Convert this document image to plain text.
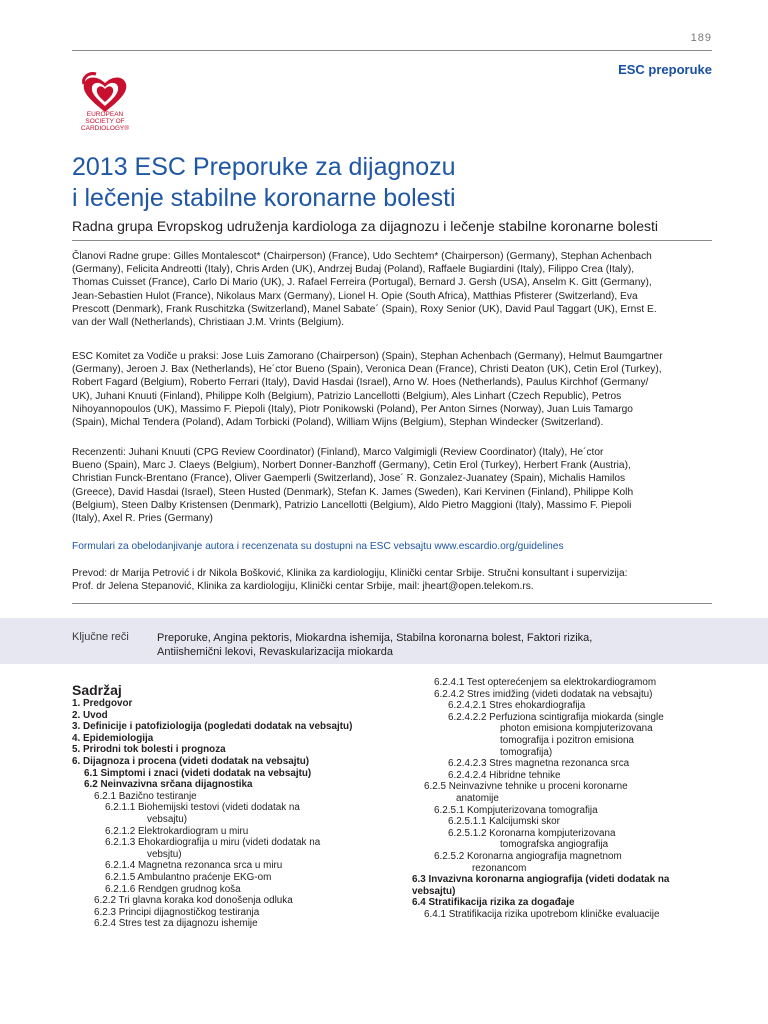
189
ESC preporuke
EUROPEAN
SOCIETY OF
CARDIOLOGY®
2013 ESC Preporuke za dijagnozu
i lečenje stabilne koronarne bolesti
Radna grupa Evropskog udruženja kardiologa za dijagnozu i lečenje stabilne koronarne bolesti
Članovi Radne grupe: Gilles Montalescot* (Chairperson) (France), Udo Sechtem* (Chairperson) (Germany), Stephan Achenbach
(Germany), Felicita Andreotti (Italy), Chris Arden (UK), Andrzej Budaj (Poland), Raffaele Bugiardini (Italy), Filippo Crea (Italy),
Thomas Cuisset (France), Carlo Di Mario (UK), J. Rafael Ferreira (Portugal), Bernard J. Gersh (USA), Anselm K. Gitt (Germany),
Jean-Sebastien Hulot (France), Nikolaus Marx (Germany), Lionel H. Opie (South Africa), Matthias Pfisterer (Switzerland), Eva
Prescott (Denmark), Frank Ruschitzka (Switzerland), Manel Sabate´ (Spain), Roxy Senior (UK), David Paul Taggart (UK), Ernst E.
van der Wall (Netherlands), Christiaan J.M. Vrints (Belgium).
ESC Komitet za Vodiče u praksi: Jose Luis Zamorano (Chairperson) (Spain), Stephan Achenbach (Germany), Helmut Baumgartner
(Germany), Jeroen J. Bax (Netherlands), He´ctor Bueno (Spain), Veronica Dean (France), Christi Deaton (UK), Cetin Erol (Turkey),
Robert Fagard (Belgium), Roberto Ferrari (Italy), David Hasdai (Israel), Arno W. Hoes (Netherlands), Paulus Kirchhof (Germany/
UK), Juhani Knuuti (Finland), Philippe Kolh (Belgium), Patrizio Lancellotti (Belgium), Ales Linhart (Czech Republic), Petros
Nihoyannopoulos (UK), Massimo F. Piepoli (Italy), Piotr Ponikowski (Poland), Per Anton Sirnes (Norway), Juan Luis Tamargo
(Spain), Michal Tendera (Poland), Adam Torbicki (Poland), William Wijns (Belgium), Stephan Windecker (Switzerland).
Recenzenti: Juhani Knuuti (CPG Review Coordinator) (Finland), Marco Valgimigli (Review Coordinator) (Italy), He´ctor
Bueno (Spain), Marc J. Claeys (Belgium), Norbert Donner-Banzhoff (Germany), Cetin Erol (Turkey), Herbert Frank (Austria),
Christian Funck-Brentano (France), Oliver Gaemperli (Switzerland), Jose´ R. Gonzalez-Juanatey (Spain), Michalis Hamilos
(Greece), David Hasdai (Israel), Steen Husted (Denmark), Stefan K. James (Sweden), Kari Kervinen (Finland), Philippe Kolh
(Belgium), Steen Dalby Kristensen (Denmark), Patrizio Lancellotti (Belgium), Aldo Pietro Maggioni (Italy), Massimo F. Piepoli
(Italy), Axel R. Pries (Germany)
Formulari za obelodanjivanje autora i recenzenata su dostupni na ESC vebsajtu www.escardio.org/guidelines
Prevod: dr Marija Petrović i dr Nikola Bošković, Klinika za kardiologiju, Klinički centar Srbije. Stručni konsultant i supervizija:
Prof. dr Jelena Stepanović, Klinika za kardiologiju, Klinički centar Srbije, mail: jheart@open.telekom.rs.
Ključne reči	Preporuke, Angina pektoris, Miokardna ishemija, Stabilna koronarna bolest, Faktori rizika,
Antiishemični lekovi, Revaskularizacija miokarda
Sadržaj
1. Predgovor
2. Uvod
3. Definicije i patofiziologija (pogledati dodatak na vebsajtu)
4. Epidemiologija
5. Prirodni tok bolesti i prognoza
6. Dijagnoza i procena (videti dodatak na vebsajtu)
6.1 Simptomi i znaci (videti dodatak na vebsajtu)
6.2 Neinvazivna srčana dijagnostika
6.2.1 Bazično testiranje
6.2.1.1 Biohemijski testovi (videti dodatak na
vebsajtu)
6.2.1.2 Elektrokardiogram u miru
6.2.1.3 Ehokardiografija u miru (videti dodatak na
vebsjtu)
6.2.1.4 Magnetna rezonanca srca u miru
6.2.1.5 Ambulantno praćenje EKG-om
6.2.1.6 Rendgen grudnog koša
6.2.2 Tri glavna koraka kod donošenja odluka
6.2.3 Principi dijagnostičkog testiranja
6.2.4 Stres test za dijagnozu ishemije
6.2.4.1 Test opterećenjem sa elektrokardiogramom
6.2.4.2 Stres imidžing (videti dodatak na vebsajtu)
6.2.4.2.1 Stres ehokardiografija
6.2.4.2.2 Perfuziona scintigrafija miokarda (single
photon emisiona kompjuterizovana
tomografija i pozitron emisiona
tomografija)
6.2.4.2.3 Stres magnetna rezonanca srca
6.2.4.2.4 Hibridne tehnike
6.2.5 Neinvazivne tehnike u proceni koronarne
anatomije
6.2.5.1 Kompjuterizovana tomografija
6.2.5.1.1 Kalcijumski skor
6.2.5.1.2 Koronarna kompjuterizovana
tomografska angiografija
6.2.5.2 Koronarna angiografija magnetnom
rezonancom
6.3 Invazivna koronarna angiografija (videti dodatak na
vebsajtu)
6.4 Stratifikacija rizika za događaje
6.4.1 Stratifikacija rizika upotrebom kliničke evaluacije
